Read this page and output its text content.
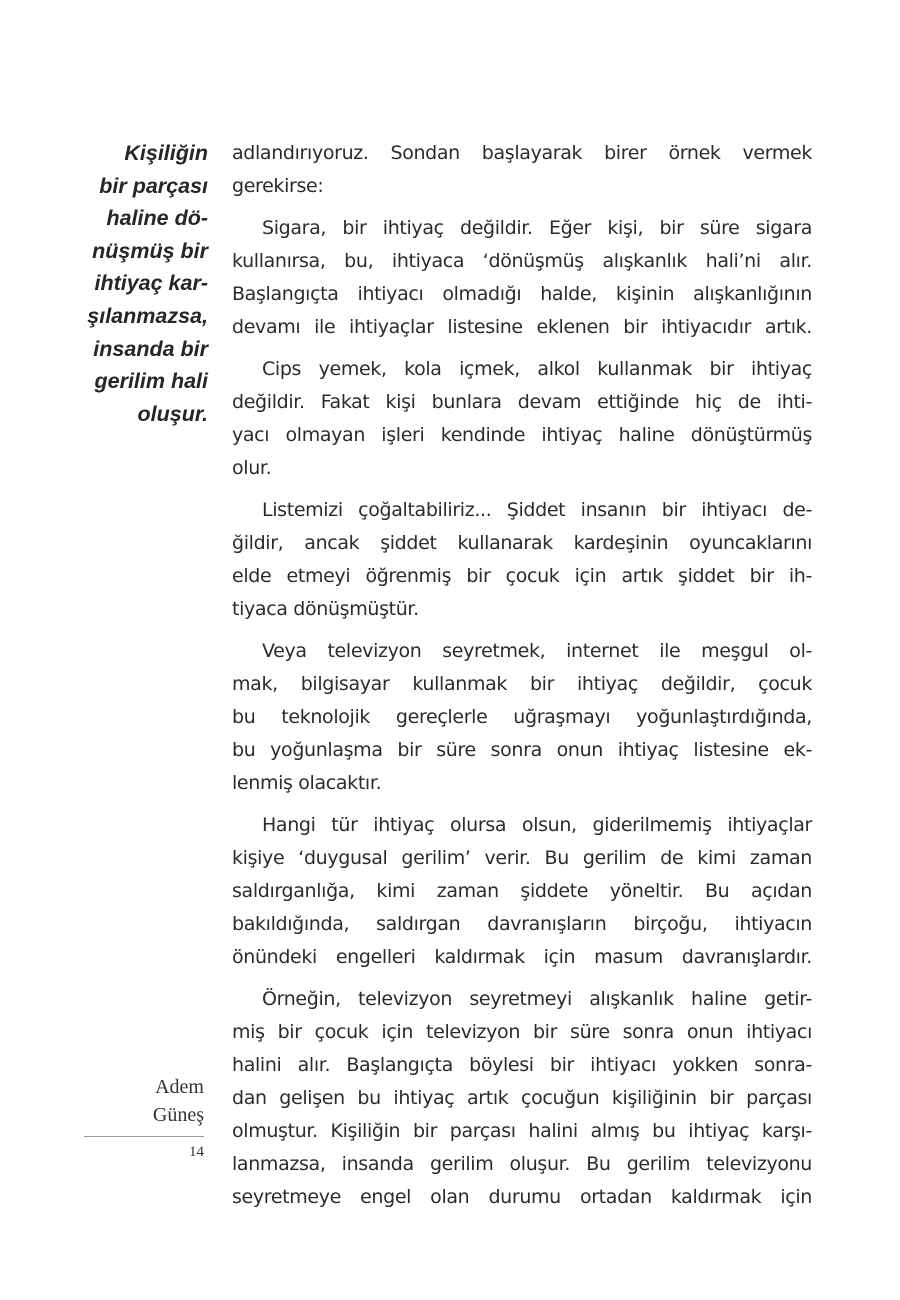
Kişiliğin
bir parçası
haline dö-
nüşmüş bir
ihtiyaç kar-
şılanmazsa,
insanda bir
gerilim hali
oluşur.
adlandırıyoruz. Sondan başlayarak birer örnek vermek
gerekirse:
Sigara, bir ihtiyaç değildir. Eğer kişi, bir süre sigara
kullanırsa, bu, ihtiyaca ‘dönüşmüş alışkanlık hali’ni alır.
Başlangıçta ihtiyacı olmadığı halde, kişinin alışkanlığının
devamı ile ihtiyaçlar listesine eklenen bir ihtiyacıdır artık.
Cips yemek, kola içmek, alkol kullanmak bir ihtiyaç
değildir. Fakat kişi bunlara devam ettiğinde hiç de ihti-
yacı olmayan işleri kendinde ihtiyaç haline dönüştürmüş
olur.
Listemizi çoğaltabiliriz... Şiddet insanın bir ihtiyacı de-
ğildir, ancak şiddet kullanarak kardeşinin oyuncaklarını
elde etmeyi öğrenmiş bir çocuk için artık şiddet bir ih-
tiyaca dönüşmüştür.
Veya televizyon seyretmek, internet ile meşgul ol-
mak, bilgisayar kullanmak bir ihtiyaç değildir, çocuk
bu teknolojik gereçlerle uğraşmayı yoğunlaştırdığında,
bu yoğunlaşma bir süre sonra onun ihtiyaç listesine ek-
lenmiş olacaktır.
Hangi tür ihtiyaç olursa olsun, giderilmemiş ihtiyaçlar
kişiye ‘duygusal gerilim’ verir. Bu gerilim de kimi zaman
saldırganlığa, kimi zaman şiddete yöneltir. Bu açıdan
bakıldığında, saldırgan davranışların birçoğu, ihtiyacın
önündeki engelleri kaldırmak için masum davranışlardır.
Örneğin, televizyon seyretmeyi alışkanlık haline getir-
miş bir çocuk için televizyon bir süre sonra onun ihtiyacı
halini alır. Başlangıçta böylesi bir ihtiyacı yokken sonra-
dan gelişen bu ihtiyaç artık çocuğun kişiliğinin bir parçası
olmuştur. Kişiliğin bir parçası halini almış bu ihtiyaç karşı-
lanmazsa, insanda gerilim oluşur. Bu gerilim televizyonu
seyretmeye engel olan durumu ortadan kaldırmak için
Adem
Güneş
14
